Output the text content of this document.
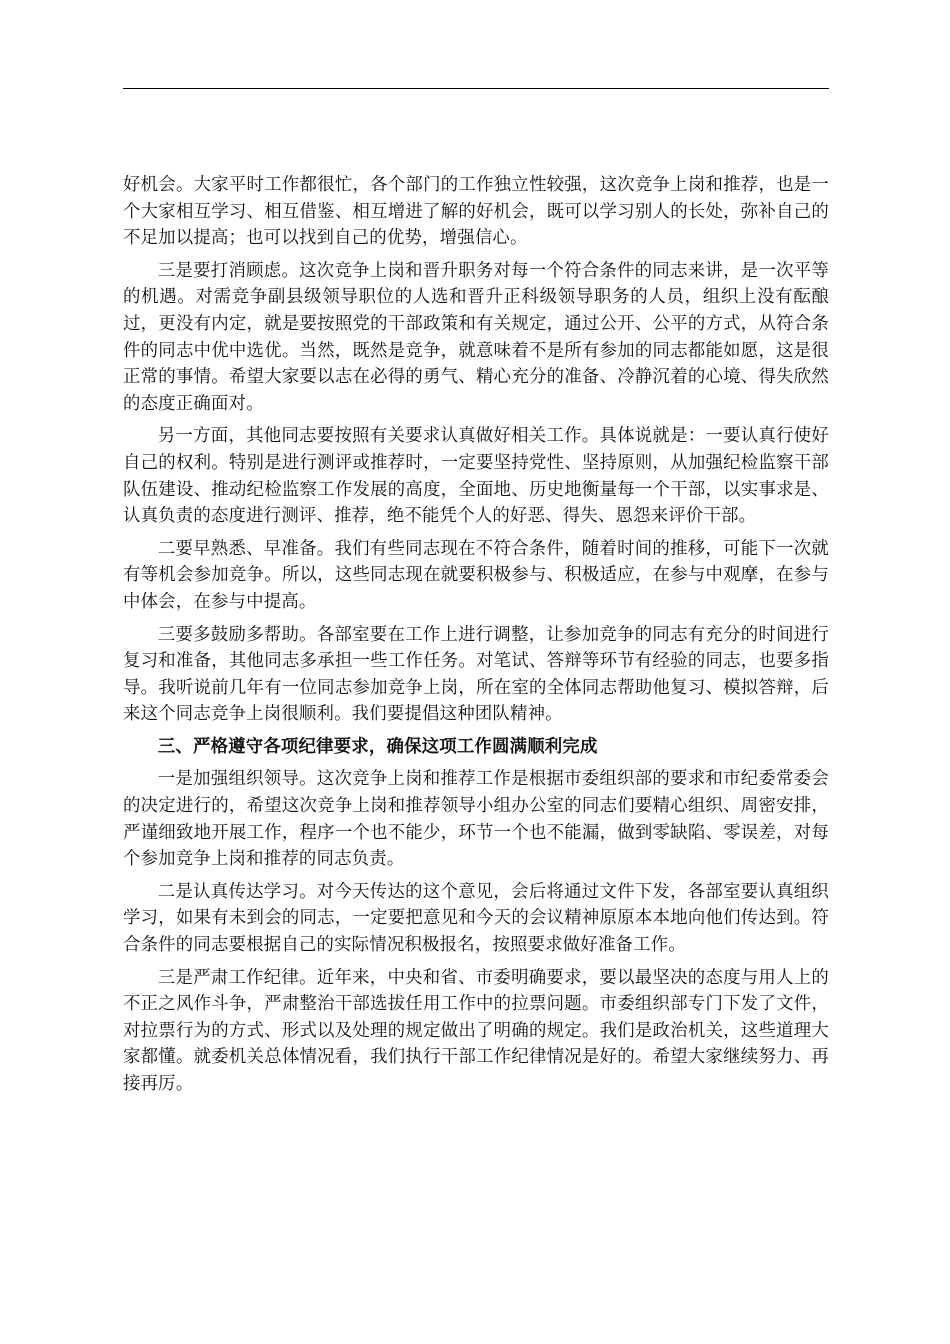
好机会。大家平时工作都很忙，各个部门的工作独立性较强，这次竞争上岗和推荐，也是一个大家相互学习、相互借鉴、相互增进了解的好机会，既可以学习别人的长处，弥补自己的不足加以提高；也可以找到自己的优势，增强信心。

三是要打消顾虑。这次竞争上岗和晋升职务对每一个符合条件的同志来讲，是一次平等的机遇。对需竞争副县级领导职位的人选和晋升正科级领导职务的人员，组织上没有酝酿过，更没有内定，就是要按照党的干部政策和有关规定，通过公开、公平的方式，从符合条件的同志中优中选优。当然，既然是竞争，就意味着不是所有参加的同志都能如愿，这是很正常的事情。希望大家要以志在必得的勇气、精心充分的准备、冷静沉着的心境、得失欣然的态度正确面对。

另一方面，其他同志要按照有关要求认真做好相关工作。具体说就是：一要认真行使好自己的权利。特别是进行测评或推荐时，一定要坚持党性、坚持原则，从加强纪检监察干部队伍建设、推动纪检监察工作发展的高度，全面地、历史地衡量每一个干部，以实事求是、认真负责的态度进行测评、推荐，绝不能凭个人的好恶、得失、恩怨来评价干部。

二要早熟悉、早准备。我们有些同志现在不符合条件，随着时间的推移，可能下一次就有等机会参加竞争。所以，这些同志现在就要积极参与、积极适应，在参与中观摩，在参与中体会，在参与中提高。

三要多鼓励多帮助。各部室要在工作上进行调整，让参加竞争的同志有充分的时间进行复习和准备，其他同志多承担一些工作任务。对笔试、答辩等环节有经验的同志，也要多指导。我听说前几年有一位同志参加竞争上岗，所在室的全体同志帮助他复习、模拟答辩，后来这个同志竞争上岗很顺利。我们要提倡这种团队精神。

三、严格遵守各项纪律要求，确保这项工作圆满顺利完成

一是加强组织领导。这次竞争上岗和推荐工作是根据市委组织部的要求和市纪委常委会的决定进行的，希望这次竞争上岗和推荐领导小组办公室的同志们要精心组织、周密安排，严谨细致地开展工作，程序一个也不能少，环节一个也不能漏，做到零缺陷、零误差，对每个参加竞争上岗和推荐的同志负责。

二是认真传达学习。对今天传达的这个意见，会后将通过文件下发，各部室要认真组织学习，如果有未到会的同志，一定要把意见和今天的会议精神原原本本地向他们传达到。符合条件的同志要根据自己的实际情况积极报名，按照要求做好准备工作。

三是严肃工作纪律。近年来，中央和省、市委明确要求，要以最坚决的态度与用人上的不正之风作斗争，严肃整治干部选拔任用工作中的拉票问题。市委组织部专门下发了文件，对拉票行为的方式、形式以及处理的规定做出了明确的规定。我们是政治机关，这些道理大家都懂。就委机关总体情况看，我们执行干部工作纪律情况是好的。希望大家继续努力、再接再厉。
